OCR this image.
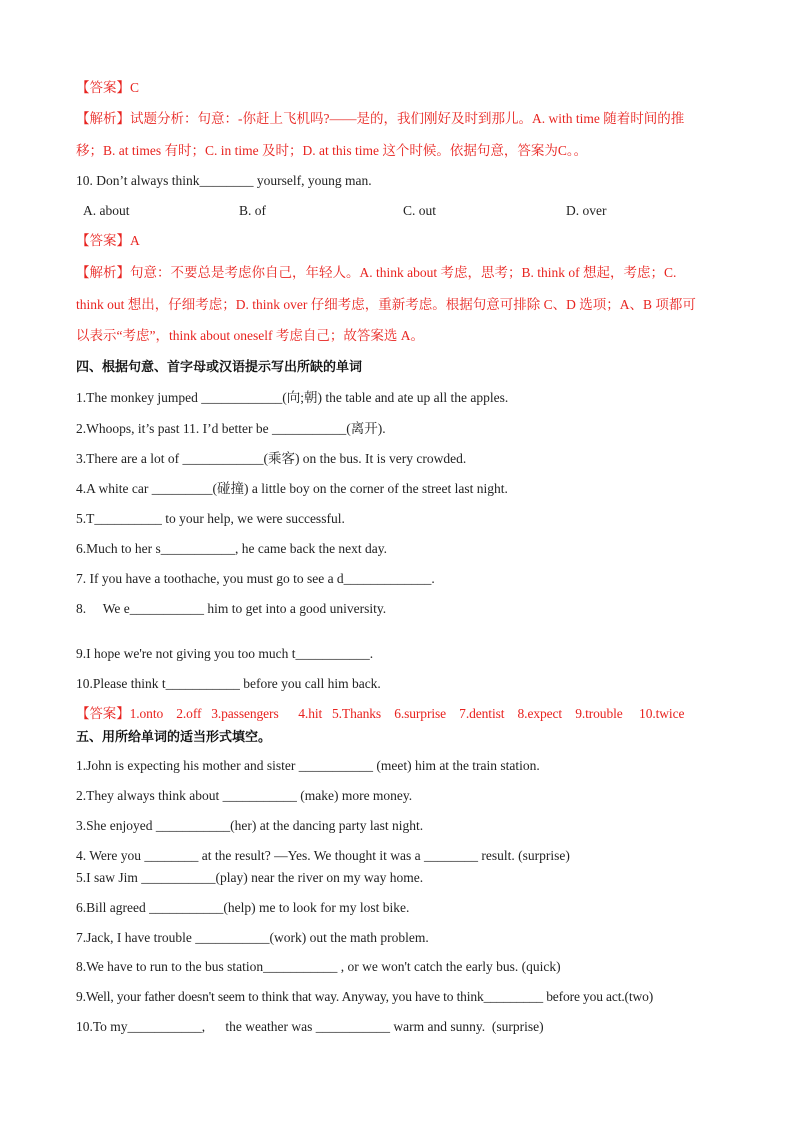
【答案】C
【解析】试题分析：句意：-你赶上飞机吗?——是的，我们刚好及时到那儿。A. with time 随着时间的推
移；B. at times 有时；C. in time 及时；D. at this time 这个时候。依据句意，答案为C。。
10. Don’t always think________ yourself, young man.
A. about	B. of	C. out	D. over
【答案】A
【解析】句意：不要总是考虑你自己，年轻人。A. think about 考虑，思考；B. think of 想起，考虑；C.
think out 想出，仔细考虑；D. think over 仔细考虑，重新考虑。根据句意可排除 C、D 选项；A、B 项都可
以表示“考虑”，think about oneself 考虑自己；故答案选 A。
四、根据句意、首字母或汉语提示写出所缺的单词
1.The monkey jumped ____________(向;朝) the table and ate up all the apples.
2.Whoops, it’s past 11. I’d better be ___________(离开).
3.There are a lot of ____________(乘客) on the bus. It is very crowded.
4.A white car _________(碰撞) a little boy on the corner of the street last night.
5.T__________ to your help, we were successful.
6.Much to her s___________, he came back the next day.
7. If you have a toothache, you must go to see a d_____________.
8.     We e___________ him to get into a good university.
9.I hope we're not giving you too much t___________.
10.Please think t___________ before you call him back.
【答案】1.onto 2.off 3.passengers 4.hit 5.Thanks 6.surprise 7.dentist 8.expect 9.trouble 10.twice
五、用所给单词的适当形式填空。
1.John is expecting his mother and sister ___________ (meet) him at the train station.
2.They always think about ___________ (make) more money.
3.She enjoyed ___________(her) at the dancing party last night.
4. Were you ________ at the result? —Yes. We thought it was a ________ result. (surprise)
5.I saw Jim ___________(play) near the river on my way home.
6.Bill agreed ___________(help) me to look for my lost bike.
7.Jack, I have trouble ___________(work) out the math problem.
8.We have to run to the bus station___________ , or we won't catch the early bus. (quick)
9.Well, your father doesn't seem to think that way. Anyway, you have to think_________ before you act.(two)
10.To my___________,      the weather was ___________ warm and sunny.  (surprise)
